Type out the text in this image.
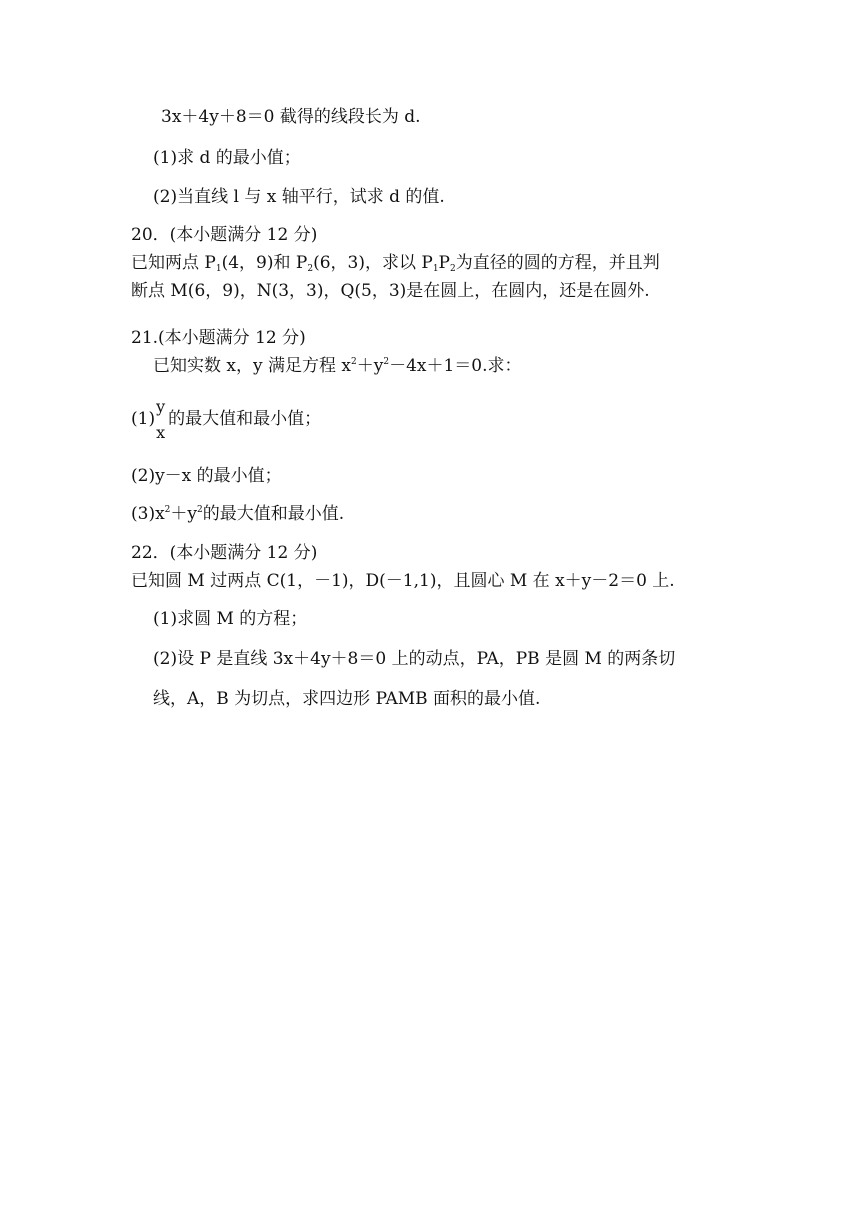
3x＋4y＋8＝0 截得的线段长为 d.
(1)求 d 的最小值；
(2)当直线 l 与 x 轴平行，试求 d 的值.
20．(本小题满分 12 分)
已知两点 $P_1(4$，9)和 $P_2(6$，3)，求以 $P_1P_2$为直径的圆的方程，并且判
断点 M(6，9)，N(3，3)，Q(5，3)是在圆上，在圆内，还是在圆外.
21.(本小题满分 12 分)
已知实数 x，y 满足方程 $x^2+y^2-4x+1=0$.求：
(1)
y
x
的最大值和最小值；
(2)y－x 的最小值；
$(3)x^2+y^2$的最大值和最小值.
22．(本小题满分 12 分)
已知圆 M 过两点 C(1，－1)，D(－1,1)，且圆心 M 在 x＋y－2＝0 上.
(1)求圆 M 的方程；
(2)设 P 是直线 3x＋4y＋8＝0 上的动点，PA，PB 是圆 M 的两条切
线，A，B 为切点，求四边形 PAMB 面积的最小值.
